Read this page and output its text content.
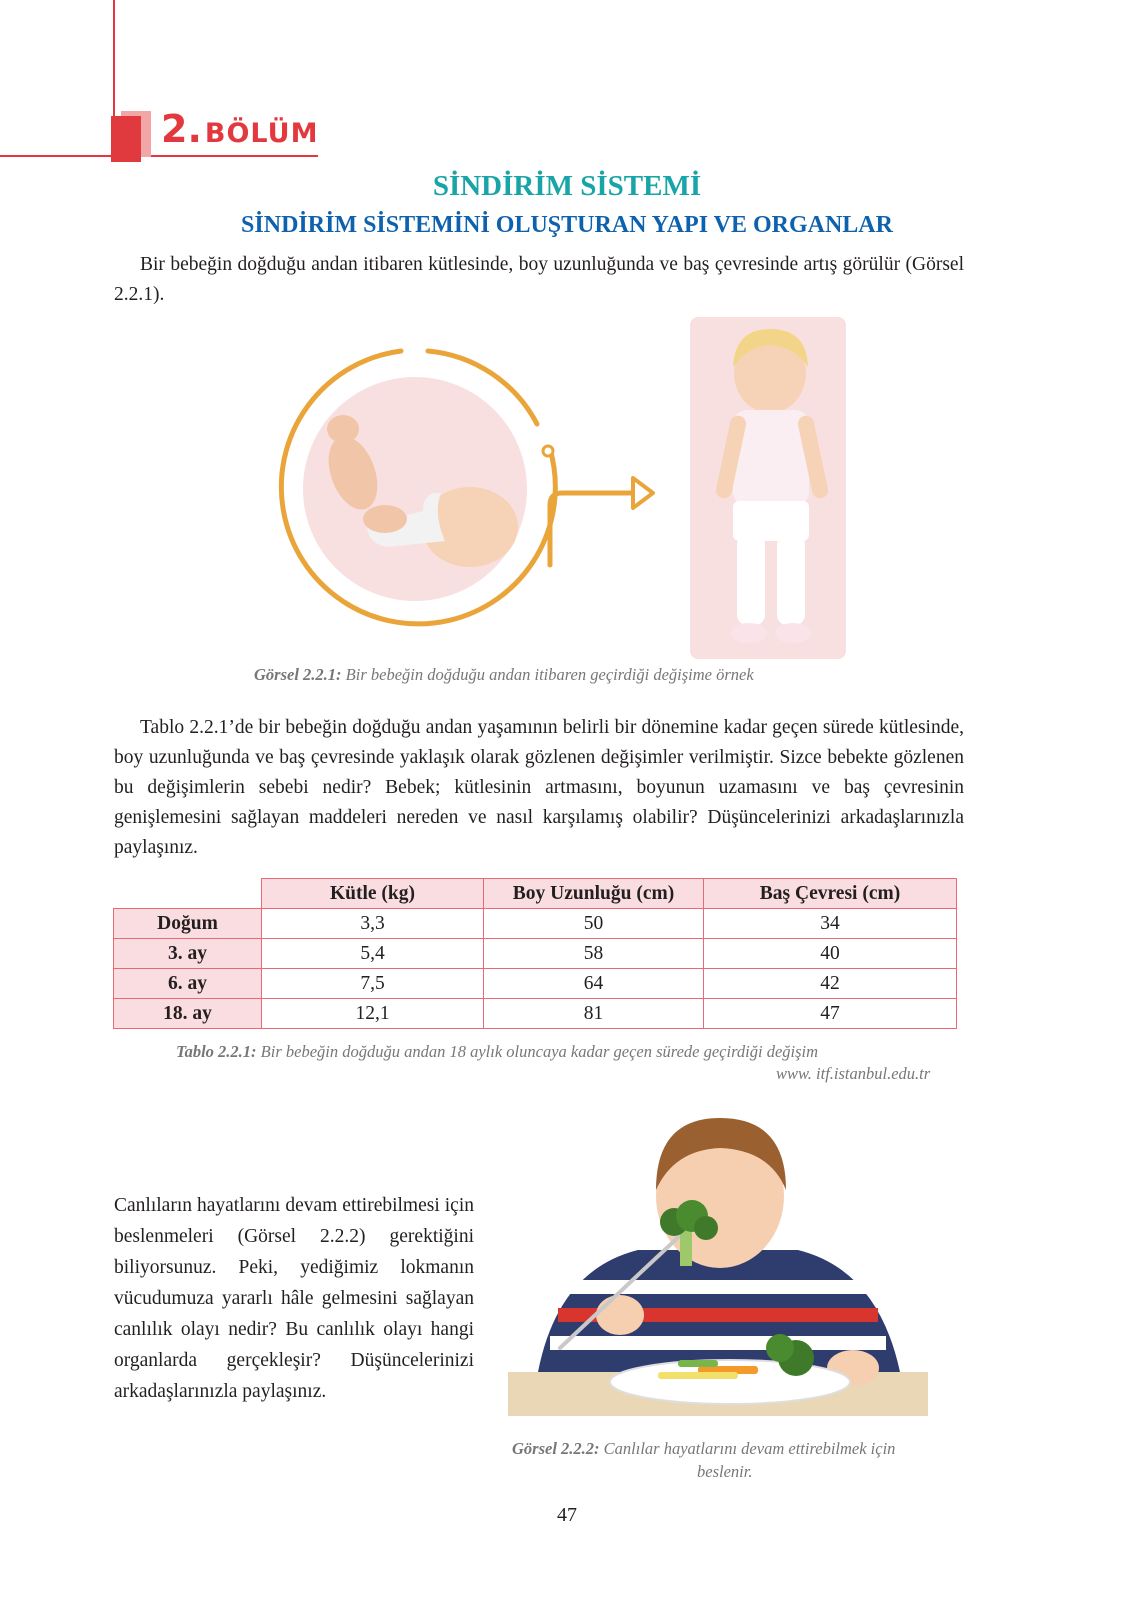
2. BÖLÜM
SİNDİRİM SİSTEMİ
SİNDİRİM SİSTEMİNİ OLUŞTURAN YAPI VE ORGANLAR
Bir bebeğin doğduğu andan itibaren kütlesinde, boy uzunluğunda ve baş çevresinde artış görülür (Görsel 2.2.1).
Görsel 2.2.1: Bir bebeğin doğduğu andan itibaren geçirdiği değişime örnek
Tablo 2.2.1’de bir bebeğin doğduğu andan yaşamının belirli bir dönemine kadar geçen sürede kütlesinde, boy uzunluğunda ve baş çevresinde yaklaşık olarak gözlenen değişimler verilmiştir. Sizce bebekte gözlenen bu değişimlerin sebebi nedir? Bebek; kütlesinin artmasını, boyunun uzamasını ve baş çevresinin genişlemesini sağlayan maddeleri nereden ve nasıl karşılamış olabilir? Düşüncelerinizi arkadaşlarınızla paylaşınız.
	Kütle (kg)	Boy Uzunluğu (cm)	Baş Çevresi (cm)
Doğum	3,3	50	34
3. ay	5,4	58	40
6. ay	7,5	64	42
18. ay	12,1	81	47
Tablo 2.2.1: Bir bebeğin doğduğu andan 18 aylık oluncaya kadar geçen sürede geçirdiği değişim
www. itf.istanbul.edu.tr
Canlıların hayatlarını devam ettirebilmesi için beslenmeleri (Görsel 2.2.2) gerektiğini biliyorsunuz. Peki, yediğimiz lokmanın vücudumuza yararlı hâle gelmesini sağlayan canlılık olayı nedir? Bu canlılık olayı hangi organlarda gerçekleşir? Düşüncelerinizi arkadaşlarınızla paylaşınız.
Görsel 2.2.2: Canlılar hayatlarını devam ettirebilmek için
beslenir.
47
